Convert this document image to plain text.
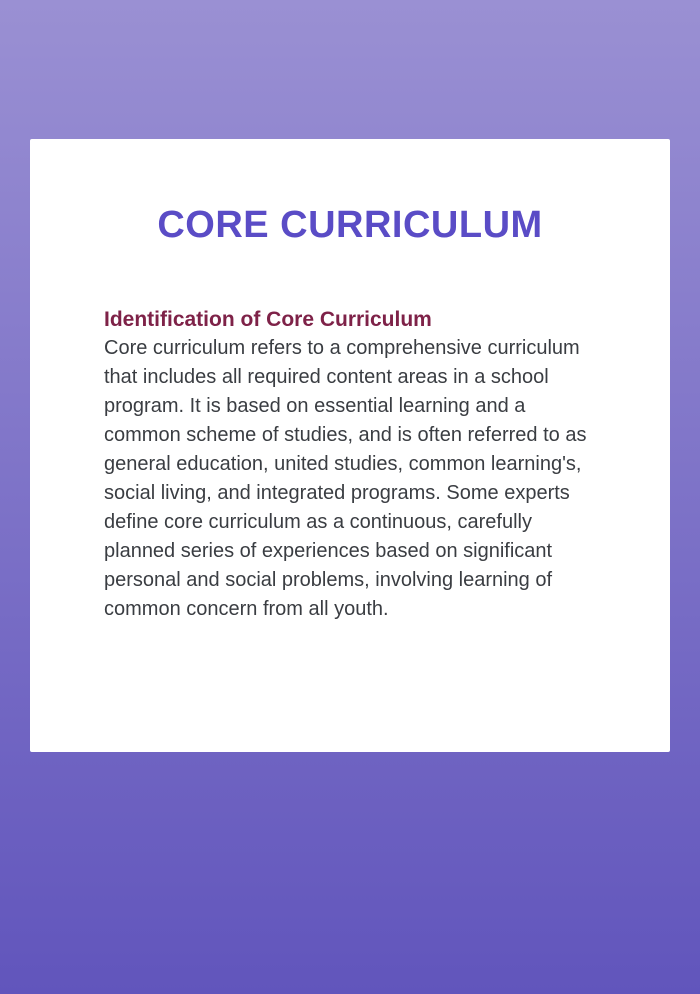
CORE CURRICULUM
Identification of Core Curriculum

Core curriculum refers to a comprehensive curriculum that includes all required content areas in a school program. It is based on essential learning and a common scheme of studies, and is often referred to as general education, united studies, common learning's, social living, and integrated programs. Some experts define core curriculum as a continuous, carefully planned series of experiences based on significant personal and social problems, involving learning of common concern from all youth.
